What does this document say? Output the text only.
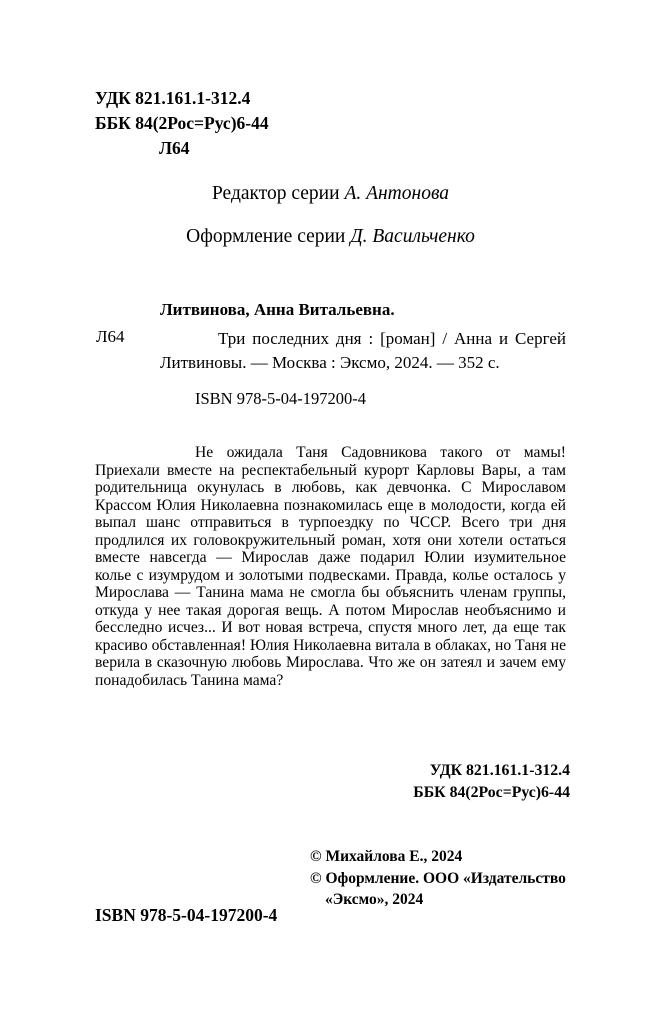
УДК 821.161.1-312.4
ББК 84(2Рос=Рус)6-44
Л64
Редактор серии А. Антонова
Оформление серии Д. Васильченко
Литвинова, Анна Витальевна.
Л64	Три последних дня : [роман] / Анна и Сергей Литвиновы. — Москва : Эксмо, 2024. — 352 с.

ISBN 978-5-04-197200-4

Не ожидала Таня Садовникова такого от мамы! Приехали вместе на респектабельный курорт Карловы Вары, а там родительница окунулась в любовь, как девчонка. С Мирославом Крассом Юлия Николаевна познакомилась еще в молодости, когда ей выпал шанс отправиться в турпоездку по ЧССР. Всего три дня продлился их головокружительный роман, хотя они хотели остаться вместе навсегда — Мирослав даже подарил Юлии изумительное колье с изумрудом и золотыми подвесками. Правда, колье осталось у Мирослава — Танина мама не смогла бы объяснить членам группы, откуда у нее такая дорогая вещь. А потом Мирослав необъяснимо и бесследно исчез... И вот новая встреча, спустя много лет, да еще так красиво обставленная! Юлия Николаевна витала в облаках, но Таня не верила в сказочную любовь Мирослава. Что же он затеял и зачем ему понадобилась Танина мама?

УДК 821.161.1-312.4
ББК 84(2Рос=Рус)6-44
© Михайлова Е., 2024
© Оформление. ООО «Издательство «Эксмо», 2024
ISBN 978-5-04-197200-4
